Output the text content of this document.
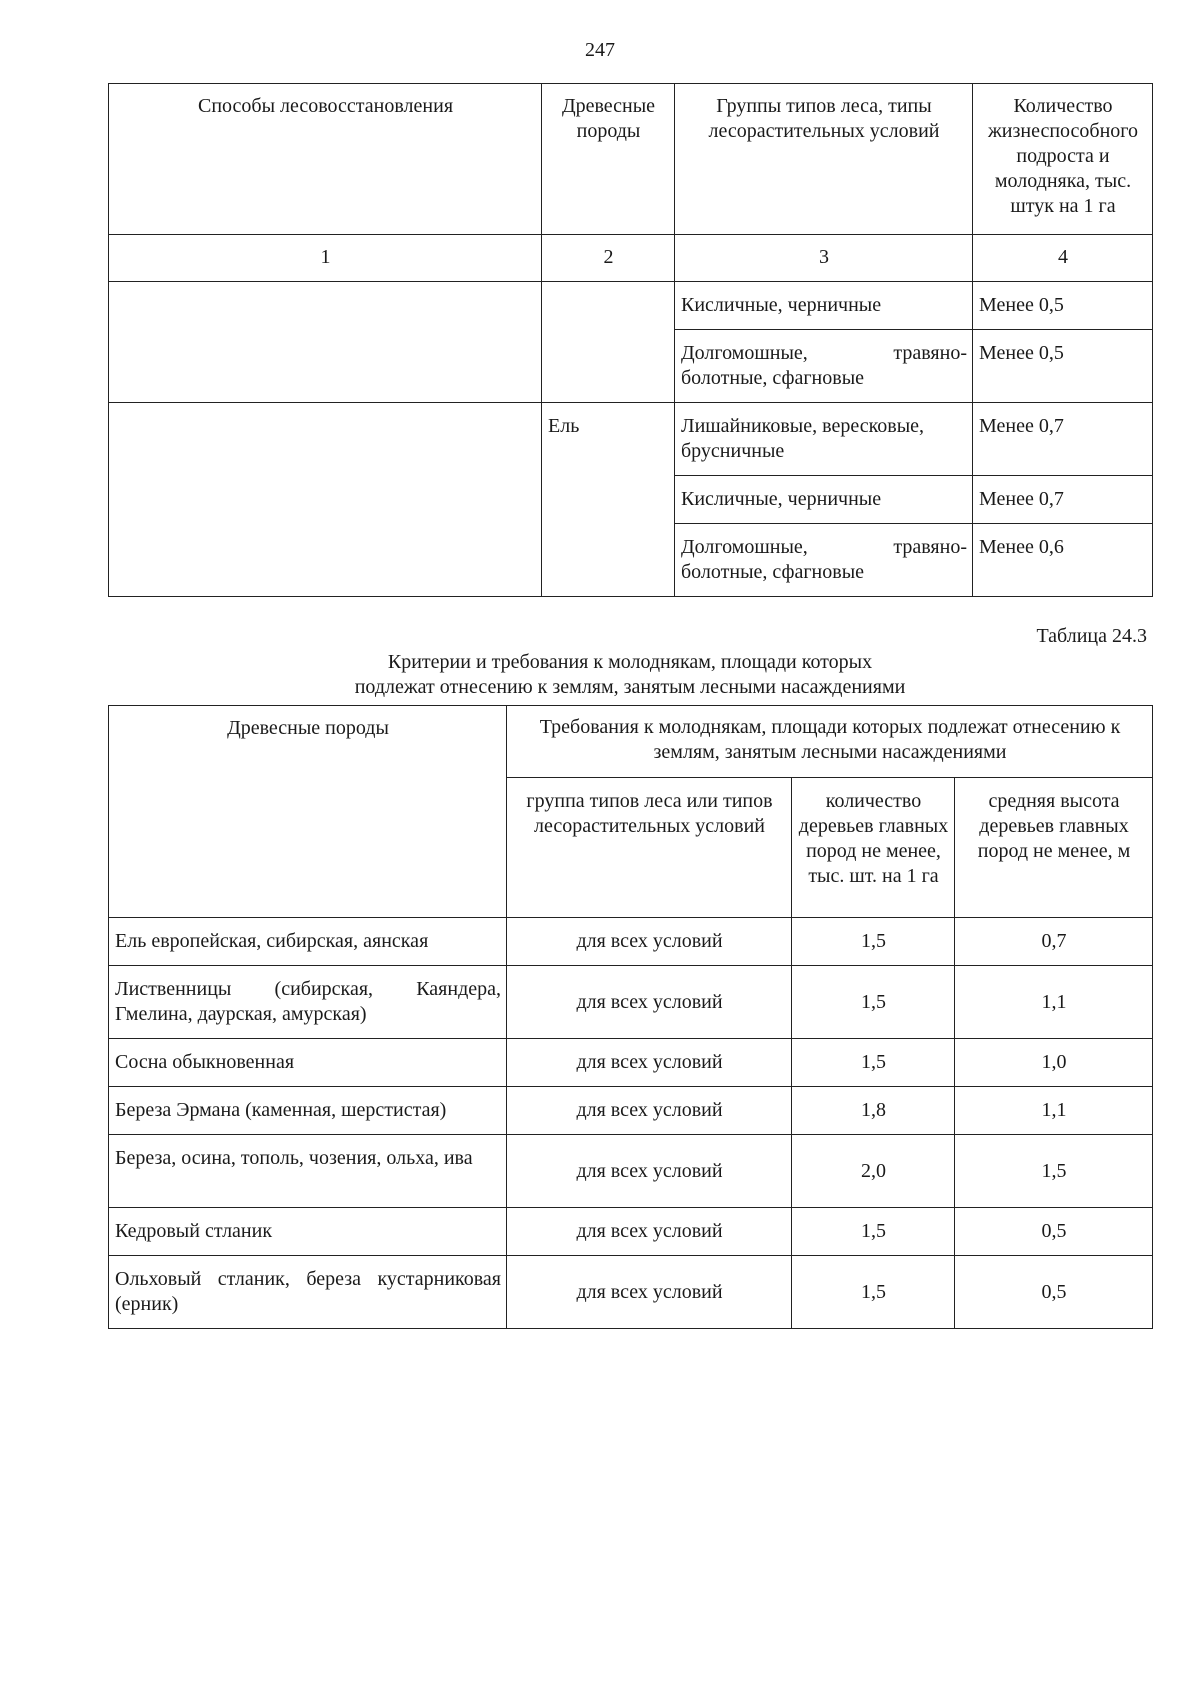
247
Способы лесовосстановления	Древесные породы	Группы типов леса, типы лесорастительных условий	Количество жизнеспособного подроста и молодняка, тыс. штук на 1 га
1	2	3	4
		Кисличные, черничные	Менее 0,5
		Долгомошные, травяно-болотные, сфагновые	Менее 0,5
	Ель	Лишайниковые, вересковые, брусничные	Менее 0,7
		Кисличные, черничные	Менее 0,7
		Долгомошные, травяно-болотные, сфагновые	Менее 0,6
Таблица 24.3
Критерии и требования к молоднякам, площади которых
подлежат отнесению к землям, занятым лесными насаждениями
Древесные породы	Требования к молоднякам, площади которых подлежат отнесению к землям, занятым лесными насаждениями		
	группа типов леса или типов лесорастительных условий	количество деревьев главных пород не менее, тыс. шт. на 1 га	средняя высота деревьев главных пород не менее, м
Ель европейская, сибирская, аянская	для всех условий	1,5	0,7
Лиственницы (сибирская, Каяндера, Гмелина, даурская, амурская)	для всех условий	1,5	1,1
Сосна обыкновенная	для всех условий	1,5	1,0
Береза Эрмана (каменная, шерстистая)	для всех условий	1,8	1,1
Береза, осина, тополь, чозения, ольха, ива	для всех условий	2,0	1,5
Кедровый стланик	для всех условий	1,5	0,5
Ольховый стланик, береза кустарниковая (ерник)	для всех условий	1,5	0,5
